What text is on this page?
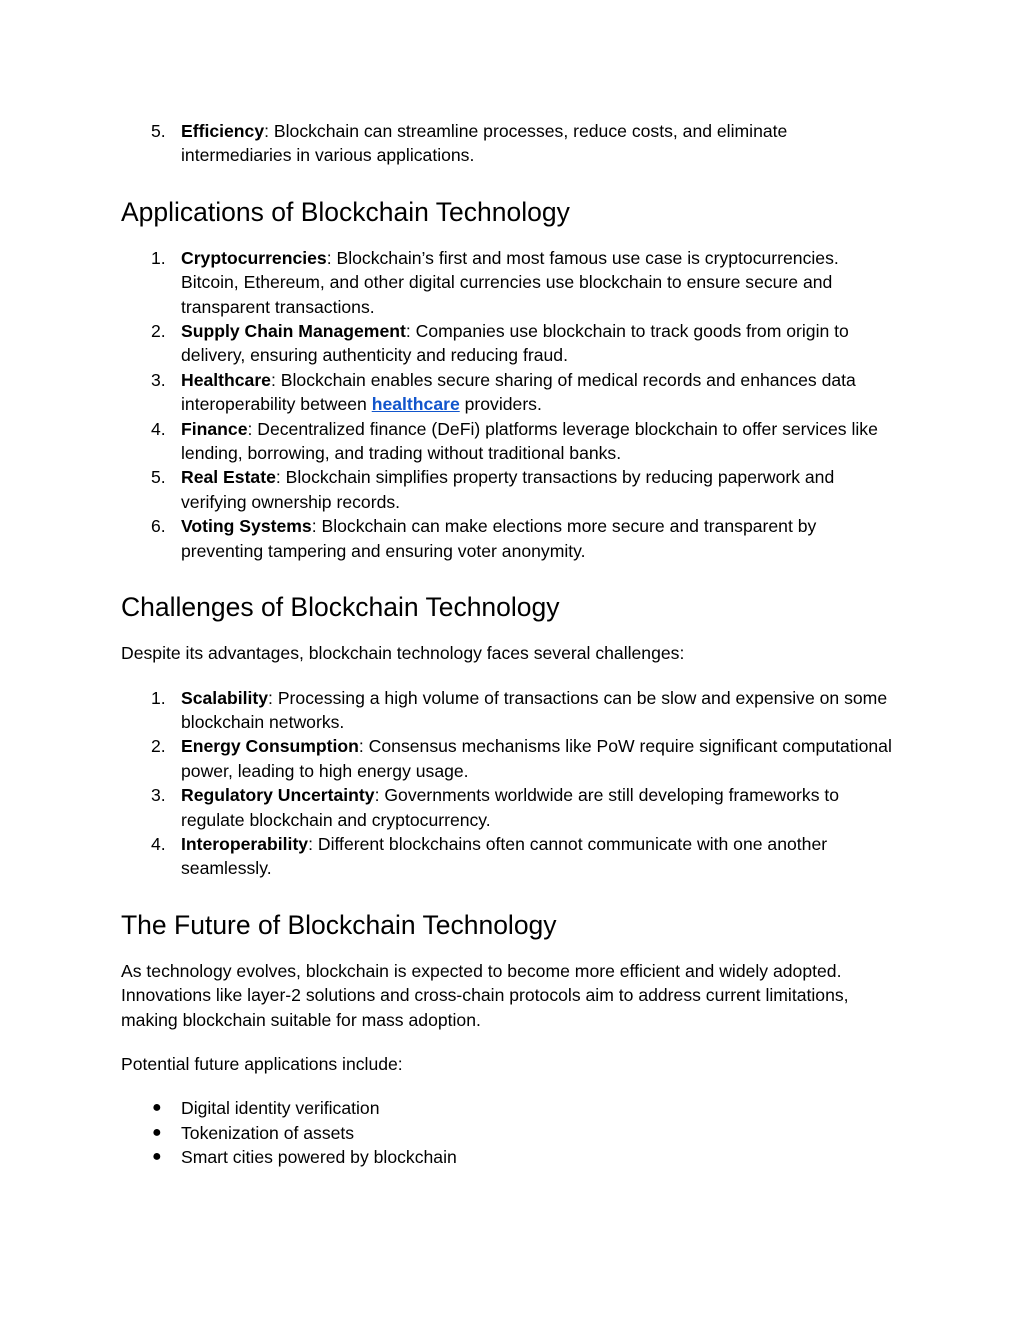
5. Efficiency: Blockchain can streamline processes, reduce costs, and eliminate intermediaries in various applications.
Applications of Blockchain Technology
1. Cryptocurrencies: Blockchain’s first and most famous use case is cryptocurrencies. Bitcoin, Ethereum, and other digital currencies use blockchain to ensure secure and transparent transactions.
2. Supply Chain Management: Companies use blockchain to track goods from origin to delivery, ensuring authenticity and reducing fraud.
3. Healthcare: Blockchain enables secure sharing of medical records and enhances data interoperability between healthcare providers.
4. Finance: Decentralized finance (DeFi) platforms leverage blockchain to offer services like lending, borrowing, and trading without traditional banks.
5. Real Estate: Blockchain simplifies property transactions by reducing paperwork and verifying ownership records.
6. Voting Systems: Blockchain can make elections more secure and transparent by preventing tampering and ensuring voter anonymity.
Challenges of Blockchain Technology

Despite its advantages, blockchain technology faces several challenges:

1. Scalability: Processing a high volume of transactions can be slow and expensive on some blockchain networks.
2. Energy Consumption: Consensus mechanisms like PoW require significant computational power, leading to high energy usage.
3. Regulatory Uncertainty: Governments worldwide are still developing frameworks to regulate blockchain and cryptocurrency.
4. Interoperability: Different blockchains often cannot communicate with one another seamlessly.
The Future of Blockchain Technology

As technology evolves, blockchain is expected to become more efficient and widely adopted. Innovations like layer-2 solutions and cross-chain protocols aim to address current limitations, making blockchain suitable for mass adoption.

Potential future applications include:

● Digital identity verification
● Tokenization of assets
● Smart cities powered by blockchain
